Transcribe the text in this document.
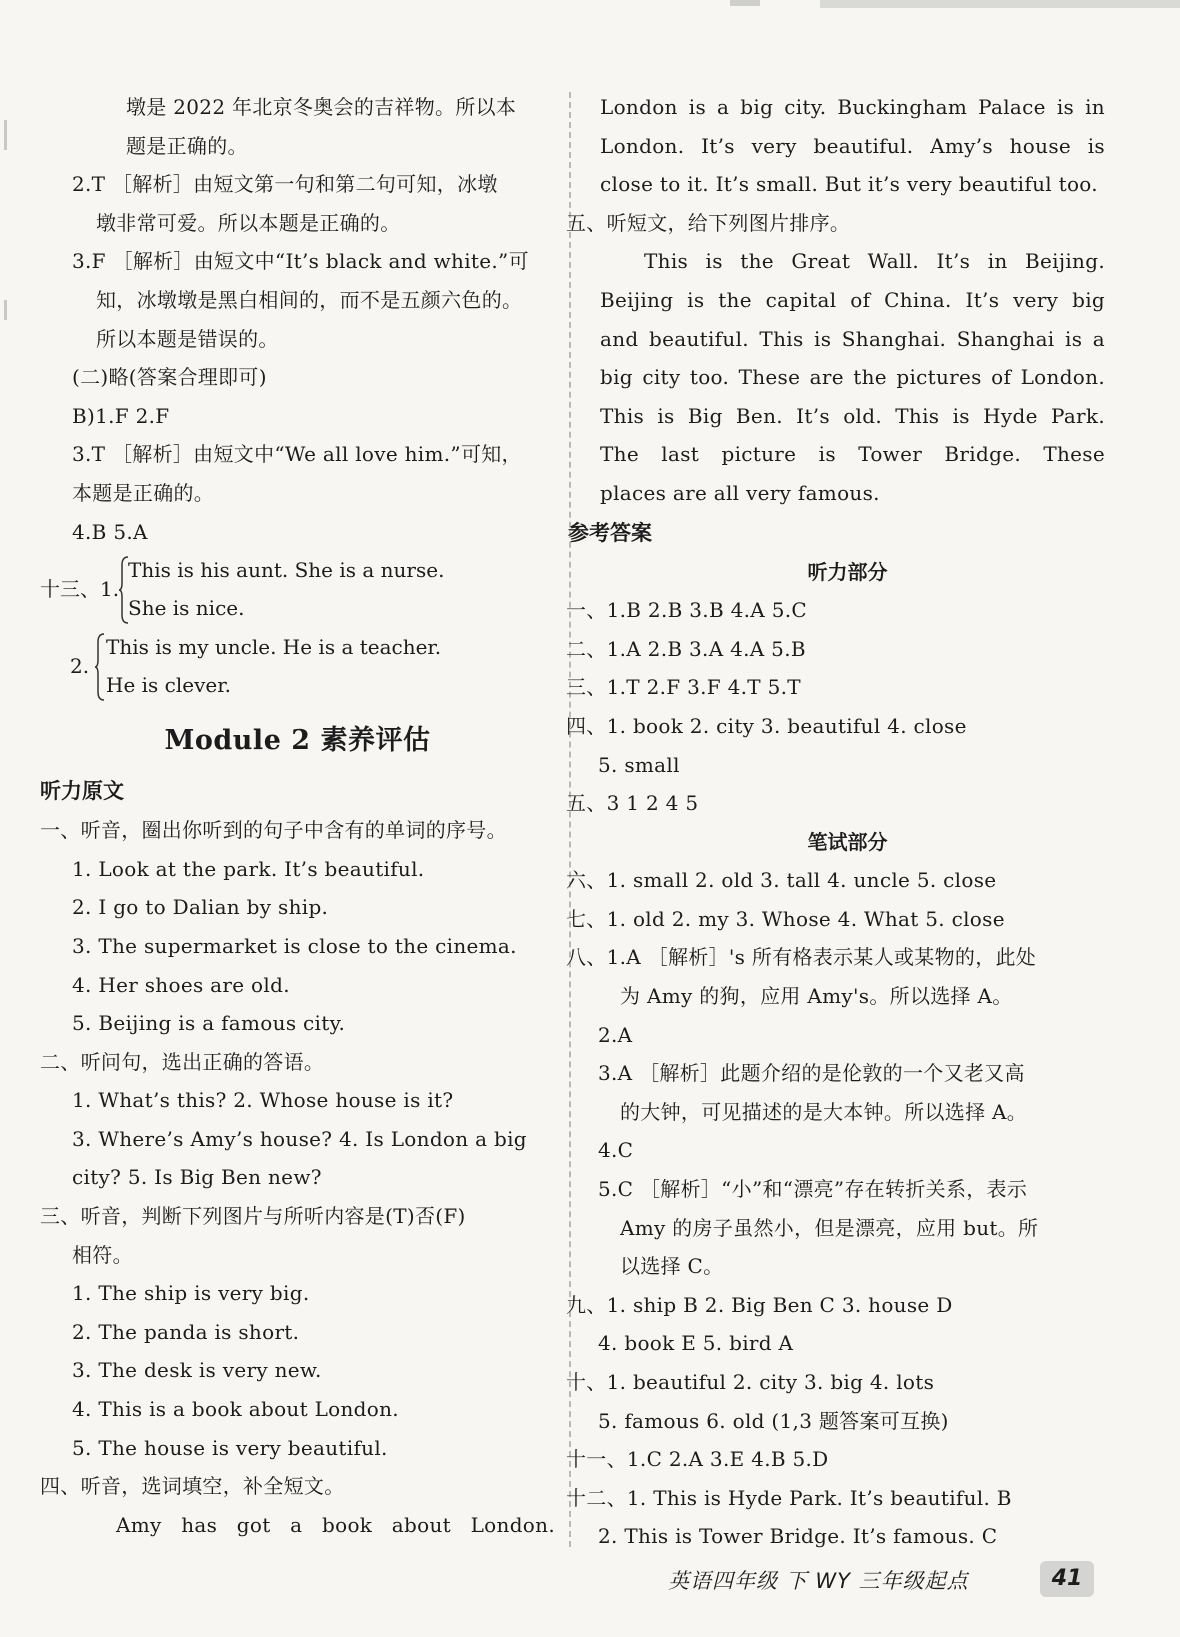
墩是 2022 年北京冬奥会的吉祥物。所以本
题是正确的。
2.T ［解析］由短文第一句和第二句可知，冰墩
墩非常可爱。所以本题是正确的。
3.F ［解析］由短文中“It’s black and white.”可
知，冰墩墩是黑白相间的，而不是五颜六色的。
所以本题是错误的。
(二)略(答案合理即可)
B)1.F 2.F
3.T ［解析］由短文中“We all love him.”可知，
本题是正确的。
4.B 5.A
十三、1.
This is his aunt. She is a nurse.
She is nice.
2.
This is my uncle. He is a teacher.
He is clever.
Module 2 素养评估
听力原文
一、听音，圈出你听到的句子中含有的单词的序号。
1. Look at the park. It’s beautiful.
2. I go to Dalian by ship.
3. The supermarket is close to the cinema.
4. Her shoes are old.
5. Beijing is a famous city.
二、听问句，选出正确的答语。
1. What’s this? 2. Whose house is it?
3. Where’s Amy’s house? 4. Is London a big
city? 5. Is Big Ben new?
三、听音，判断下列图片与所听内容是(T)否(F)
相符。
1. The ship is very big.
2. The panda is short.
3. The desk is very new.
4. This is a book about London.
5. The house is very beautiful.
四、听音，选词填空，补全短文。
Amy has got a book about London.
London is a big city. Buckingham Palace is in
London. It’s very beautiful. Amy’s house is
close to it. It’s small. But it’s very beautiful too.
五、听短文，给下列图片排序。
This is the Great Wall. It’s in Beijing.
Beijing is the capital of China. It’s very big
and beautiful. This is Shanghai. Shanghai is a
big city too. These are the pictures of London.
This is Big Ben. It’s old. This is Hyde Park.
The last picture is Tower Bridge. These
places are all very famous.
参考答案
听力部分
一、1.B 2.B 3.B 4.A 5.C
二、1.A 2.B 3.A 4.A 5.B
三、1.T 2.F 3.F 4.T 5.T
四、1. book 2. city 3. beautiful 4. close
5. small
五、3 1 2 4 5
笔试部分
六、1. small 2. old 3. tall 4. uncle 5. close
七、1. old 2. my 3. Whose 4. What 5. close
八、1.A ［解析］'s 所有格表示某人或某物的，此处
为 Amy 的狗，应用 Amy's。所以选择 A。
2.A
3.A ［解析］此题介绍的是伦敦的一个又老又高
的大钟，可见描述的是大本钟。所以选择 A。
4.C
5.C ［解析］“小”和“漂亮”存在转折关系，表示
Amy 的房子虽然小，但是漂亮，应用 but。所
以选择 C。
九、1. ship B 2. Big Ben C 3. house D
4. book E 5. bird A
十、1. beautiful 2. city 3. big 4. lots
5. famous 6. old (1,3 题答案可互换)
十一、1.C 2.A 3.E 4.B 5.D
十二、1. This is Hyde Park. It’s beautiful. B
2. This is Tower Bridge. It’s famous. C
英语四年级 下 WY 三年级起点	41
